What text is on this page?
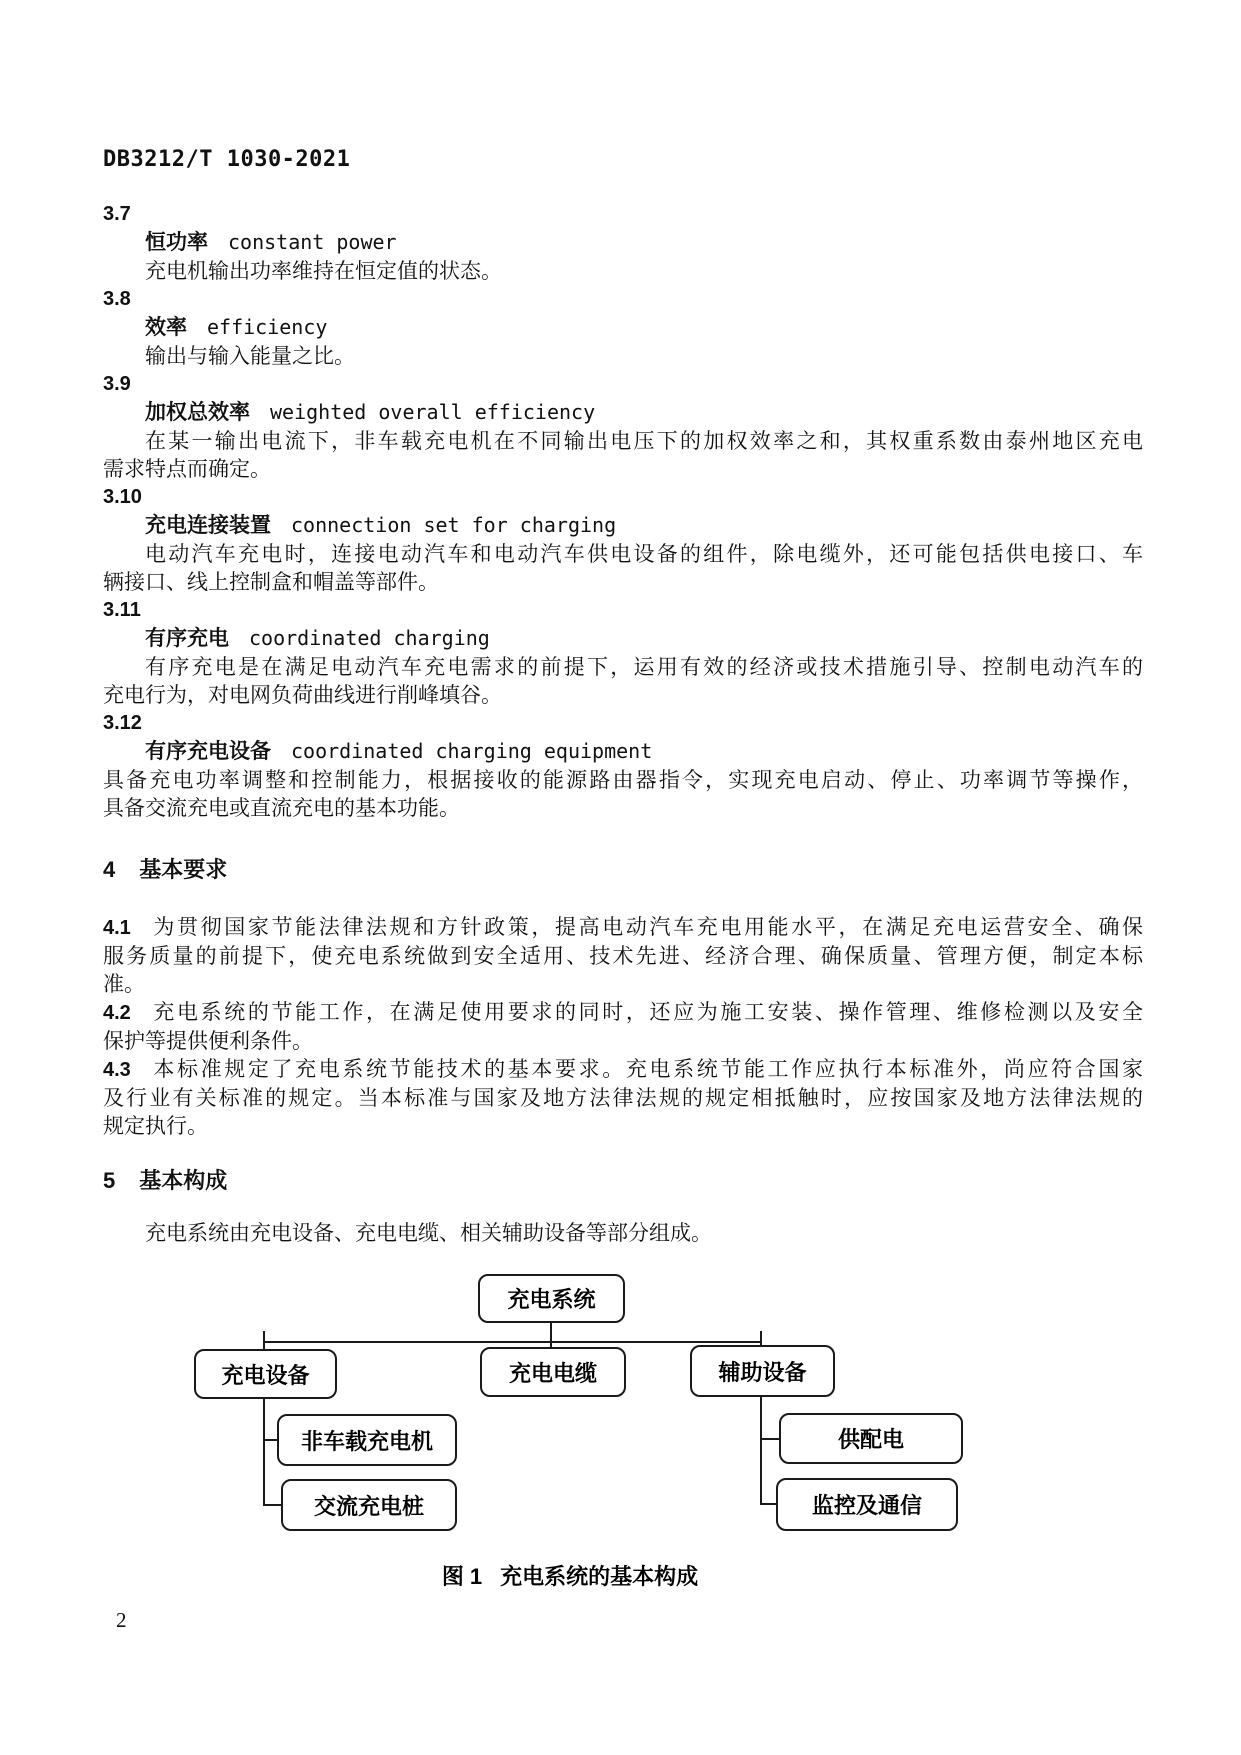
DB3212/T 1030-2021
3.7
恒功率 constant power
充电机输出功率维持在恒定值的状态。
3.8
效率 efficiency
输出与输入能量之比。
3.9
加权总效率 weighted overall efficiency
在某一输出电流下，非车载充电机在不同输出电压下的加权效率之和，其权重系数由泰州地区充电
需求特点而确定。
3.10
充电连接装置 connection set for charging
电动汽车充电时，连接电动汽车和电动汽车供电设备的组件，除电缆外，还可能包括供电接口、车
辆接口、线上控制盒和帽盖等部件。
3.11
有序充电 coordinated charging
有序充电是在满足电动汽车充电需求的前提下，运用有效的经济或技术措施引导、控制电动汽车的
充电行为，对电网负荷曲线进行削峰填谷。
3.12
有序充电设备 coordinated charging equipment
具备充电功率调整和控制能力，根据接收的能源路由器指令，实现充电启动、停止、功率调节等操作，
具备交流充电或直流充电的基本功能。
4 基本要求
4.1 为贯彻国家节能法律法规和方针政策，提高电动汽车充电用能水平，在满足充电运营安全、确保
服务质量的前提下，使充电系统做到安全适用、技术先进、经济合理、确保质量、管理方便，制定本标
准。
4.2 充电系统的节能工作，在满足使用要求的同时，还应为施工安装、操作管理、维修检测以及安全
保护等提供便利条件。
4.3 本标准规定了充电系统节能技术的基本要求。充电系统节能工作应执行本标准外，尚应符合国家
及行业有关标准的规定。当本标准与国家及地方法律法规的规定相抵触时，应按国家及地方法律法规的
规定执行。
5 基本构成
充电系统由充电设备、充电电缆、相关辅助设备等部分组成。
充电系统
充电设备	充电电缆	辅助设备
非车载充电机
交流充电桩
供配电
监控及通信
图 1 充电系统的基本构成
2
